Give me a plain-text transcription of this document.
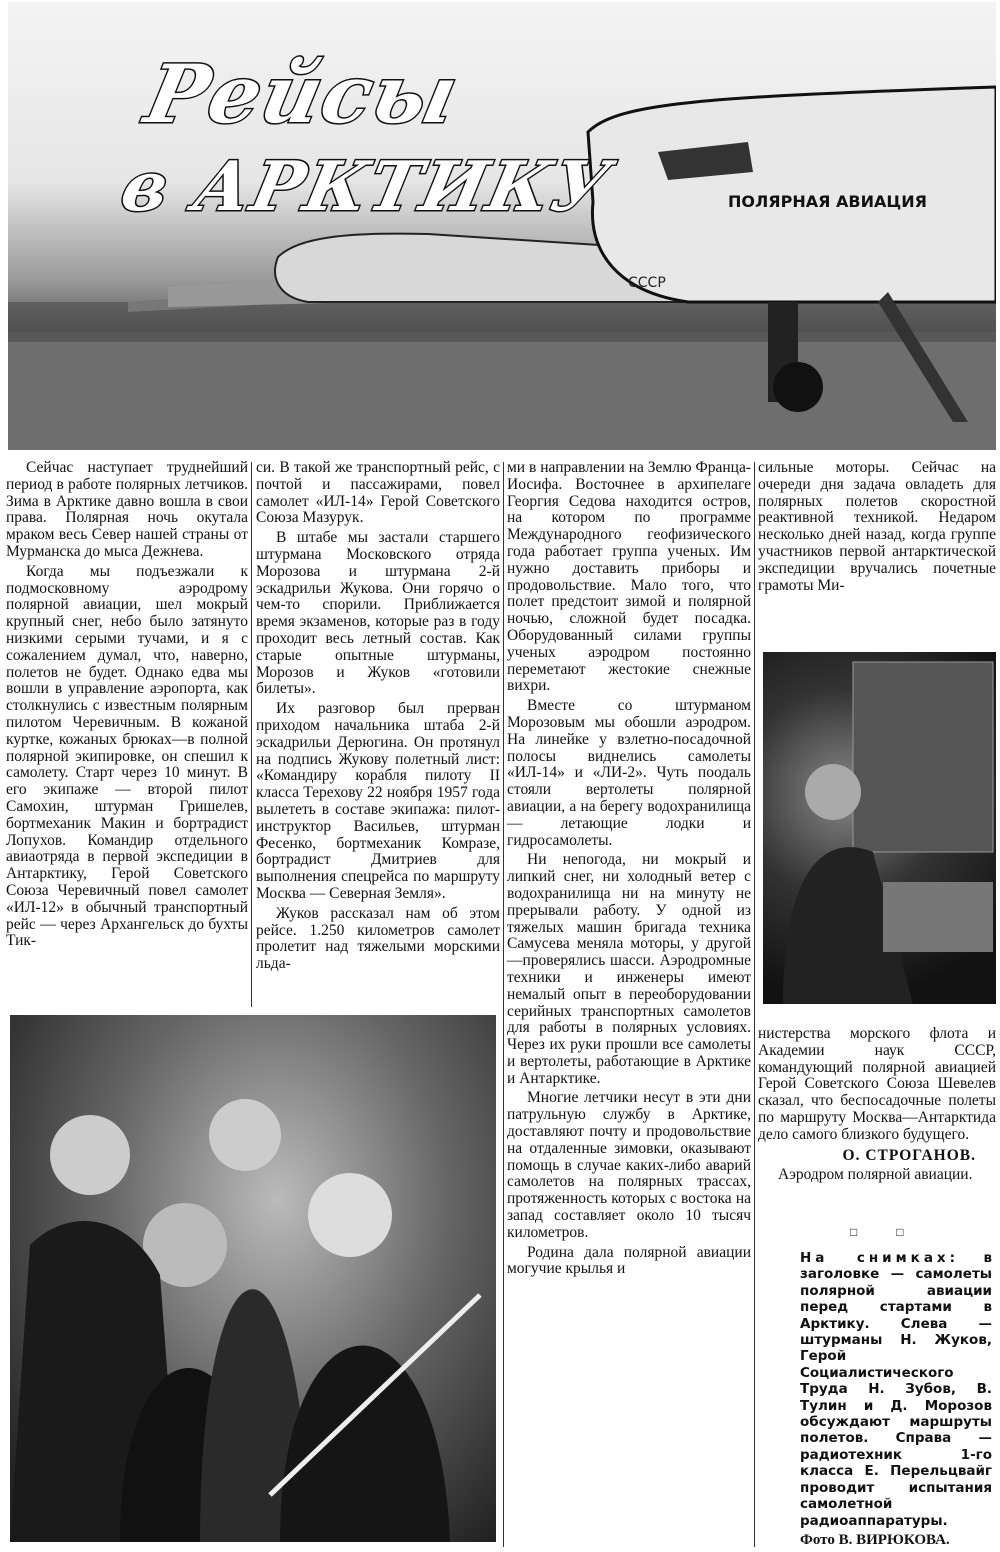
ПОЛЯРНАЯ АВИАЦИЯ
СССР
Рейсы
в АРКТИКУ

Сейчас наступает труднейший период в работе полярных летчиков. Зима в Арктике давно вошла в свои права. Полярная ночь окутала мраком весь Север нашей страны от Мурманска до мыса Дежнева.

Когда мы подъезжали к подмосковному аэродрому полярной авиации, шел мокрый крупный снег, небо было затянуто низкими серыми тучами, и я с сожалением думал, что, наверно, полетов не будет. Однако едва мы вошли в управление аэропорта, как столкнулись с известным полярным пилотом Черевичным. В кожаной куртке, кожаных брюках—в полной полярной экипировке, он спешил к самолету. Старт через 10 минут. В его экипаже — второй пилот Самохин, штурман Гришелев, бортмеханик Макин и бортрадист Лопухов. Командир отдельного авиаотряда в первой экспедиции в Антарктику, Герой Советского Союза Черевичный повел самолет «ИЛ-12» в обычный транспортный рейс — через Архангельск до бухты Тик-

си. В такой же транспортный рейс, с почтой и пассажирами, повел самолет «ИЛ-14» Герой Советского Союза Мазурук.

В штабе мы застали старшего штурмана Московского отряда Морозова и штурмана 2-й эскадрильи Жукова. Они горячо о чем-то спорили. Приближается время экзаменов, которые раз в году проходит весь летный состав. Как старые опытные штурманы, Морозов и Жуков «готовили билеты».

Их разговор был прерван приходом начальника штаба 2-й эскадрильи Дерюгина. Он протянул на подпись Жукову полетный лист: «Командиру корабля пилоту II класса Терехову 22 ноября 1957 года вылететь в составе экипажа: пилот-инструктор Васильев, штурман Фесенко, бортмеханик Комразе, бортрадист Дмитриев для выполнения спецрейса по маршруту Москва — Северная Земля».

Жуков рассказал нам об этом рейсе. 1.250 километров самолет пролетит над тяжелыми морскими льда-

ми в направлении на Землю Франца-Иосифа. Восточнее в архипелаге Георгия Седова находится остров, на котором по программе Международного геофизического года работает группа ученых. Им нужно доставить приборы и продовольствие. Мало того, что полет предстоит зимой и полярной ночью, сложной будет посадка. Оборудованный силами группы ученых аэродром постоянно переметают жестокие снежные вихри.

Вместе со штурманом Морозовым мы обошли аэродром. На линейке у взлетно-посадочной полосы виднелись самолеты «ИЛ-14» и «ЛИ-2». Чуть поодаль стояли вертолеты полярной авиации, а на берегу водохранилища — летающие лодки и гидросамолеты.

Ни непогода, ни мокрый и липкий снег, ни холодный ветер с водохранилища ни на минуту не прерывали работу. У одной из тяжелых машин бригада техника Самусева меняла моторы, у другой—проверялись шасси. Аэродромные техники и инженеры имеют немалый опыт в переоборудовании серийных транспортных самолетов для работы в полярных условиях. Через их руки прошли все самолеты и вертолеты, работающие в Арктике и Антарктике.

Многие летчики несут в эти дни патрульную службу в Арктике, доставляют почту и продовольствие на отдаленные зимовки, оказывают помощь в случае каких-либо аварий самолетов на полярных трассах, протяженность которых с востока на запад составляет около 10 тысяч километров.

Родина дала полярной авиации могучие крылья и

сильные моторы. Сейчас на очереди дня задача овладеть для полярных полетов скоростной реактивной техникой. Недаром несколько дней назад, когда группе участников первой антарктической экспедиции вручались почетные грамоты Ми-

нистерства морского флота и Академии наук СССР, командующий полярной авиацией Герой Советского Союза Шевелев сказал, что беспосадочные полеты по маршруту Москва—Антарктида дело самого близкого будущего.

О. СТРОГАНОВ.

Аэродром полярной авиации.

□ □
На снимках: в заголовке — самолеты полярной авиации перед стартами в Арктику. Слева — штурманы Н. Жуков, Герой Социалистического Труда Н. Зубов, В. Тулин и Д. Морозов обсуждают маршруты полетов. Справа — радиотехник 1-го класса Е. Перельцвайг проводит испытания самолетной радиоаппаратуры.
Фото В. ВИРЮКОВА.
